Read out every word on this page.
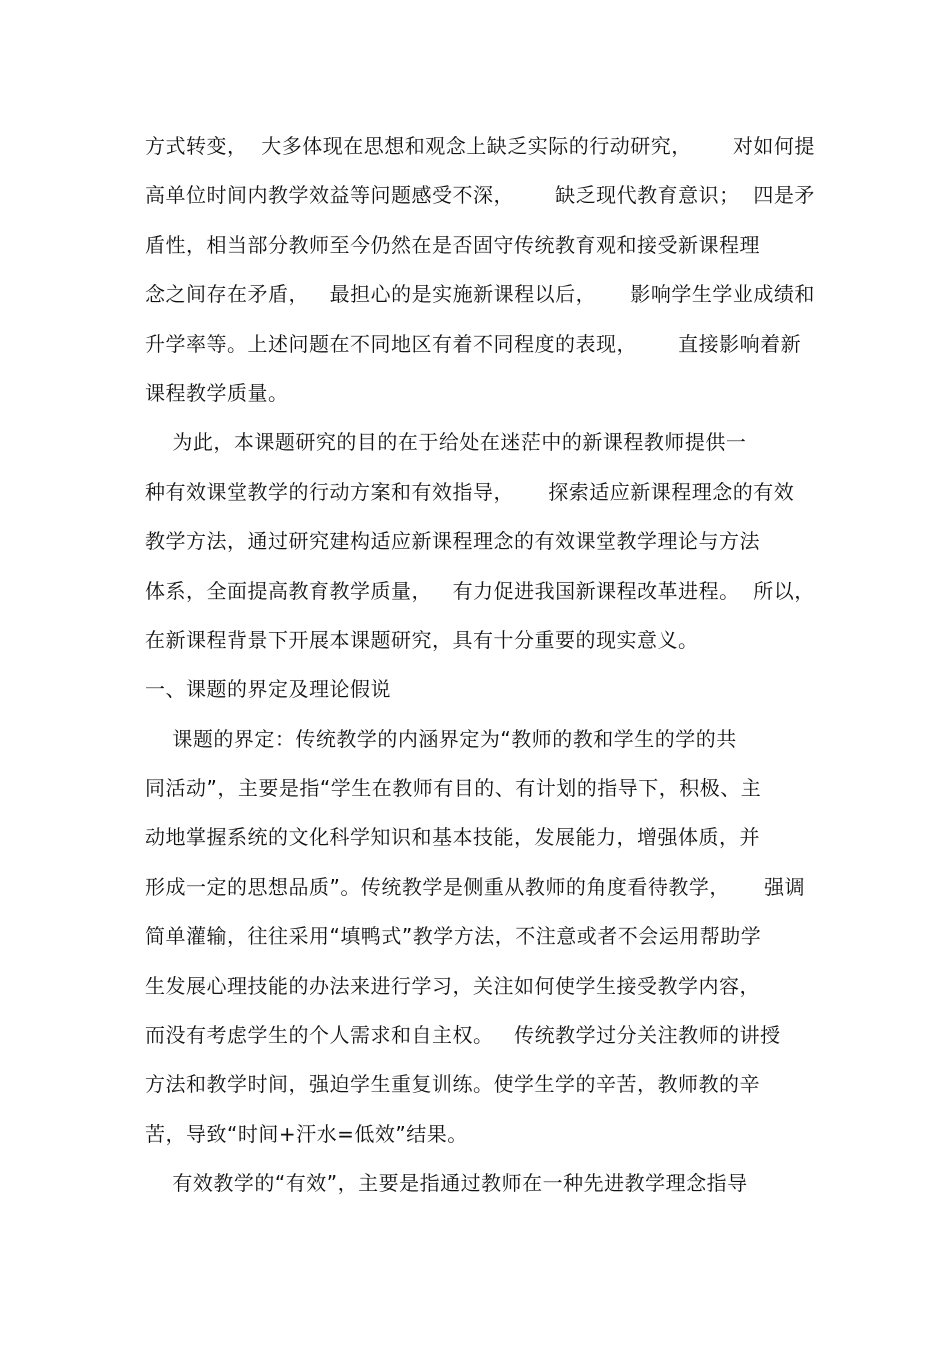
方式转变，  大多体现在思想和观念上缺乏实际的行动研究，      对如何提
高单位时间内教学效益等问题感受不深，      缺乏现代教育意识；  四是矛
盾性，相当部分教师至今仍然在是否固守传统教育观和接受新课程理
念之间存在矛盾，   最担心的是实施新课程以后，     影响学生学业成绩和
升学率等。上述问题在不同地区有着不同程度的表现，      直接影响着新
课程教学质量。
为此，本课题研究的目的在于给处在迷茫中的新课程教师提供一
种有效课堂教学的行动方案和有效指导，     探索适应新课程理念的有效
教学方法，通过研究建构适应新课程理念的有效课堂教学理论与方法
体系，全面提高教育教学质量，   有力促进我国新课程改革进程。  所以，
在新课程背景下开展本课题研究，具有十分重要的现实意义。
一、课题的界定及理论假说
课题的界定：传统教学的内涵界定为“教师的教和学生的学的共
同活动”，主要是指“学生在教师有目的、有计划的指导下，积极、主
动地掌握系统的文化科学知识和基本技能，发展能力，增强体质，并
形成一定的思想品质”。传统教学是侧重从教师的角度看待教学，     强调
简单灌输，往往采用“填鸭式”教学方法，不注意或者不会运用帮助学
生发展心理技能的办法来进行学习，关注如何使学生接受教学内容，
而没有考虑学生的个人需求和自主权。   传统教学过分关注教师的讲授
方法和教学时间，强迫学生重复训练。使学生学的辛苦，教师教的辛
苦，导致“时间+汗水=低效”结果。
有效教学的“有效”，主要是指通过教师在一种先进教学理念指导
